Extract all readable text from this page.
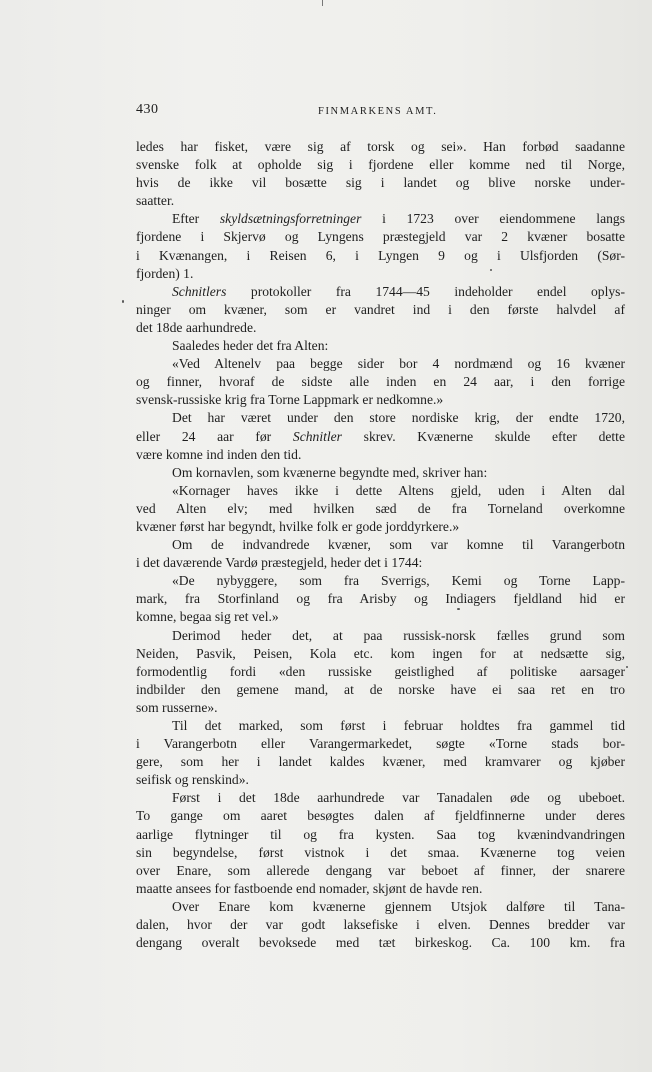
430	FINMARKENS AMT.
ledes har fisket, være sig af torsk og sei». Han forbød saadanne
svenske folk at opholde sig i fjordene eller komme ned til Norge,
hvis de ikke vil bosætte sig i landet og blive norske under-
saatter.
Efter skyldsætningsforretninger i 1723 over eiendommene langs
fjordene i Skjervø og Lyngens præstegjeld var 2 kvæner bosatte
i Kvænangen, i Reisen 6, i Lyngen 9 og i Ulsfjorden (Sør-
fjorden) 1.
Schnitlers protokoller fra 1744—45 indeholder endel oplys-
ninger om kvæner, som er vandret ind i den første halvdel af
det 18de aarhundrede.
Saaledes heder det fra Alten:
«Ved Altenelv paa begge sider bor 4 nordmænd og 16 kvæner
og finner, hvoraf de sidste alle inden en 24 aar, i den forrige
svensk-russiske krig fra Torne Lappmark er nedkomne.»
Det har været under den store nordiske krig, der endte 1720,
eller 24 aar før Schnitler skrev. Kvænerne skulde efter dette
være komne ind inden den tid.
Om kornavlen, som kvænerne begyndte med, skriver han:
«Kornager haves ikke i dette Altens gjeld, uden i Alten dal
ved Alten elv; med hvilken sæd de fra Torneland overkomne
kvæner først har begyndt, hvilke folk er gode jorddyrkere.»
Om de indvandrede kvæner, som var komne til Varangerbotn
i det daværende Vardø præstegjeld, heder det i 1744:
«De nybyggere, som fra Sverrigs, Kemi og Torne Lapp-
mark, fra Storfinland og fra Arisby og Indiagers fjeldland hid er
komne, begaa sig ret vel.»
Derimod heder det, at paa russisk-norsk fælles grund som
Neiden, Pasvik, Peisen, Kola etc. kom ingen for at nedsætte sig,
formodentlig fordi «den russiske geistlighed af politiske aarsager
indbilder den gemene mand, at de norske have ei saa ret en tro
som russerne».
Til det marked, som først i februar holdtes fra gammel tid
i Varangerbotn eller Varangermarkedet, søgte «Torne stads bor-
gere, som her i landet kaldes kvæner, med kramvarer og kjøber
seifisk og renskind».
Først i det 18de aarhundrede var Tanadalen øde og ubeboet.
To gange om aaret besøgtes dalen af fjeldfinnerne under deres
aarlige flytninger til og fra kysten. Saa tog kvænindvandringen
sin begyndelse, først vistnok i det smaa. Kvænerne tog veien
over Enare, som allerede dengang var beboet af finner, der snarere
maatte ansees for fastboende end nomader, skjønt de havde ren.
Over Enare kom kvænerne gjennem Utsjok dalføre til Tana-
dalen, hvor der var godt laksefiske i elven. Dennes bredder var
dengang overalt bevoksede med tæt birkeskog. Ca. 100 km. fra
